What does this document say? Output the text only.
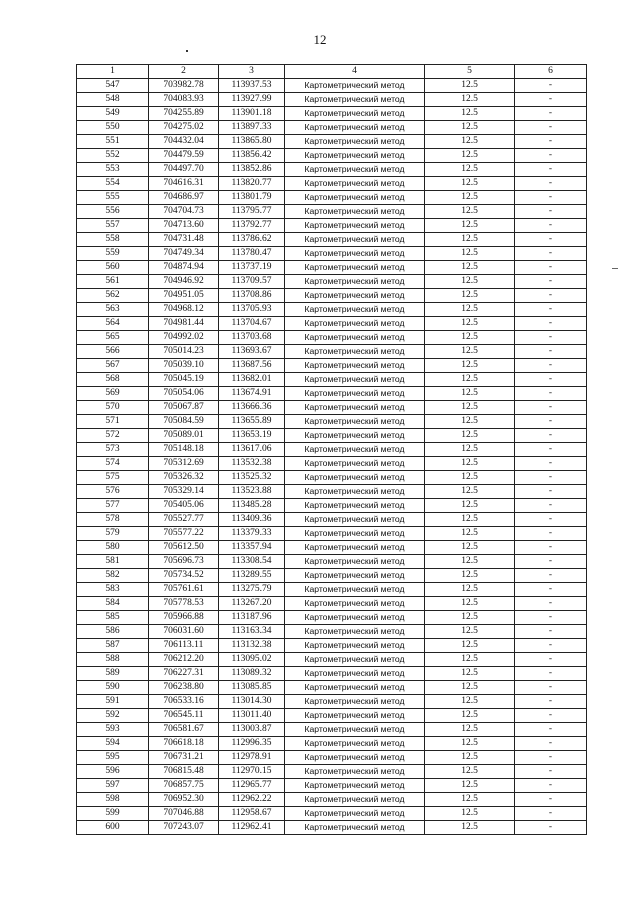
12
1	2	3	4	5	6
547	703982.78	113937.53	Картометрический метод	12.5	-
548	704083.93	113927.99	Картометрический метод	12.5	-
549	704255.89	113901.18	Картометрический метод	12.5	-
550	704275.02	113897.33	Картометрический метод	12.5	-
551	704432.04	113865.80	Картометрический метод	12.5	-
552	704479.59	113856.42	Картометрический метод	12.5	-
553	704497.70	113852.86	Картометрический метод	12.5	-
554	704616.31	113820.77	Картометрический метод	12.5	-
555	704686.97	113801.79	Картометрический метод	12.5	-
556	704704.73	113795.77	Картометрический метод	12.5	-
557	704713.60	113792.77	Картометрический метод	12.5	-
558	704731.48	113786.62	Картометрический метод	12.5	-
559	704749.34	113780.47	Картометрический метод	12.5	-
560	704874.94	113737.19	Картометрический метод	12.5	-
561	704946.92	113709.57	Картометрический метод	12.5	-
562	704951.05	113708.86	Картометрический метод	12.5	-
563	704968.12	113705.93	Картометрический метод	12.5	-
564	704981.44	113704.67	Картометрический метод	12.5	-
565	704992.02	113703.68	Картометрический метод	12.5	-
566	705014.23	113693.67	Картометрический метод	12.5	-
567	705039.10	113687.56	Картометрический метод	12.5	-
568	705045.19	113682.01	Картометрический метод	12.5	-
569	705054.06	113674.91	Картометрический метод	12.5	-
570	705067.87	113666.36	Картометрический метод	12.5	-
571	705084.59	113655.89	Картометрический метод	12.5	-
572	705089.01	113653.19	Картометрический метод	12.5	-
573	705148.18	113617.06	Картометрический метод	12.5	-
574	705312.69	113532.38	Картометрический метод	12.5	-
575	705326.32	113525.32	Картометрический метод	12.5	-
576	705329.14	113523.88	Картометрический метод	12.5	-
577	705405.06	113485.28	Картометрический метод	12.5	-
578	705527.77	113409.36	Картометрический метод	12.5	-
579	705577.22	113379.33	Картометрический метод	12.5	-
580	705612.50	113357.94	Картометрический метод	12.5	-
581	705696.73	113308.54	Картометрический метод	12.5	-
582	705734.52	113289.55	Картометрический метод	12.5	-
583	705761.61	113275.79	Картометрический метод	12.5	-
584	705778.53	113267.20	Картометрический метод	12.5	-
585	705966.88	113187.96	Картометрический метод	12.5	-
586	706031.60	113163.34	Картометрический метод	12.5	-
587	706113.11	113132.38	Картометрический метод	12.5	-
588	706212.20	113095.02	Картометрический метод	12.5	-
589	706227.31	113089.32	Картометрический метод	12.5	-
590	706238.80	113085.85	Картометрический метод	12.5	-
591	706533.16	113014.30	Картометрический метод	12.5	-
592	706545.11	113011.40	Картометрический метод	12.5	-
593	706581.67	113003.87	Картометрический метод	12.5	-
594	706618.18	112996.35	Картометрический метод	12.5	-
595	706731.21	112978.91	Картометрический метод	12.5	-
596	706815.48	112970.15	Картометрический метод	12.5	-
597	706857.75	112965.77	Картометрический метод	12.5	-
598	706952.30	112962.22	Картометрический метод	12.5	-
599	707046.88	112958.67	Картометрический метод	12.5	-
600	707243.07	112962.41	Картометрический метод	12.5	-
